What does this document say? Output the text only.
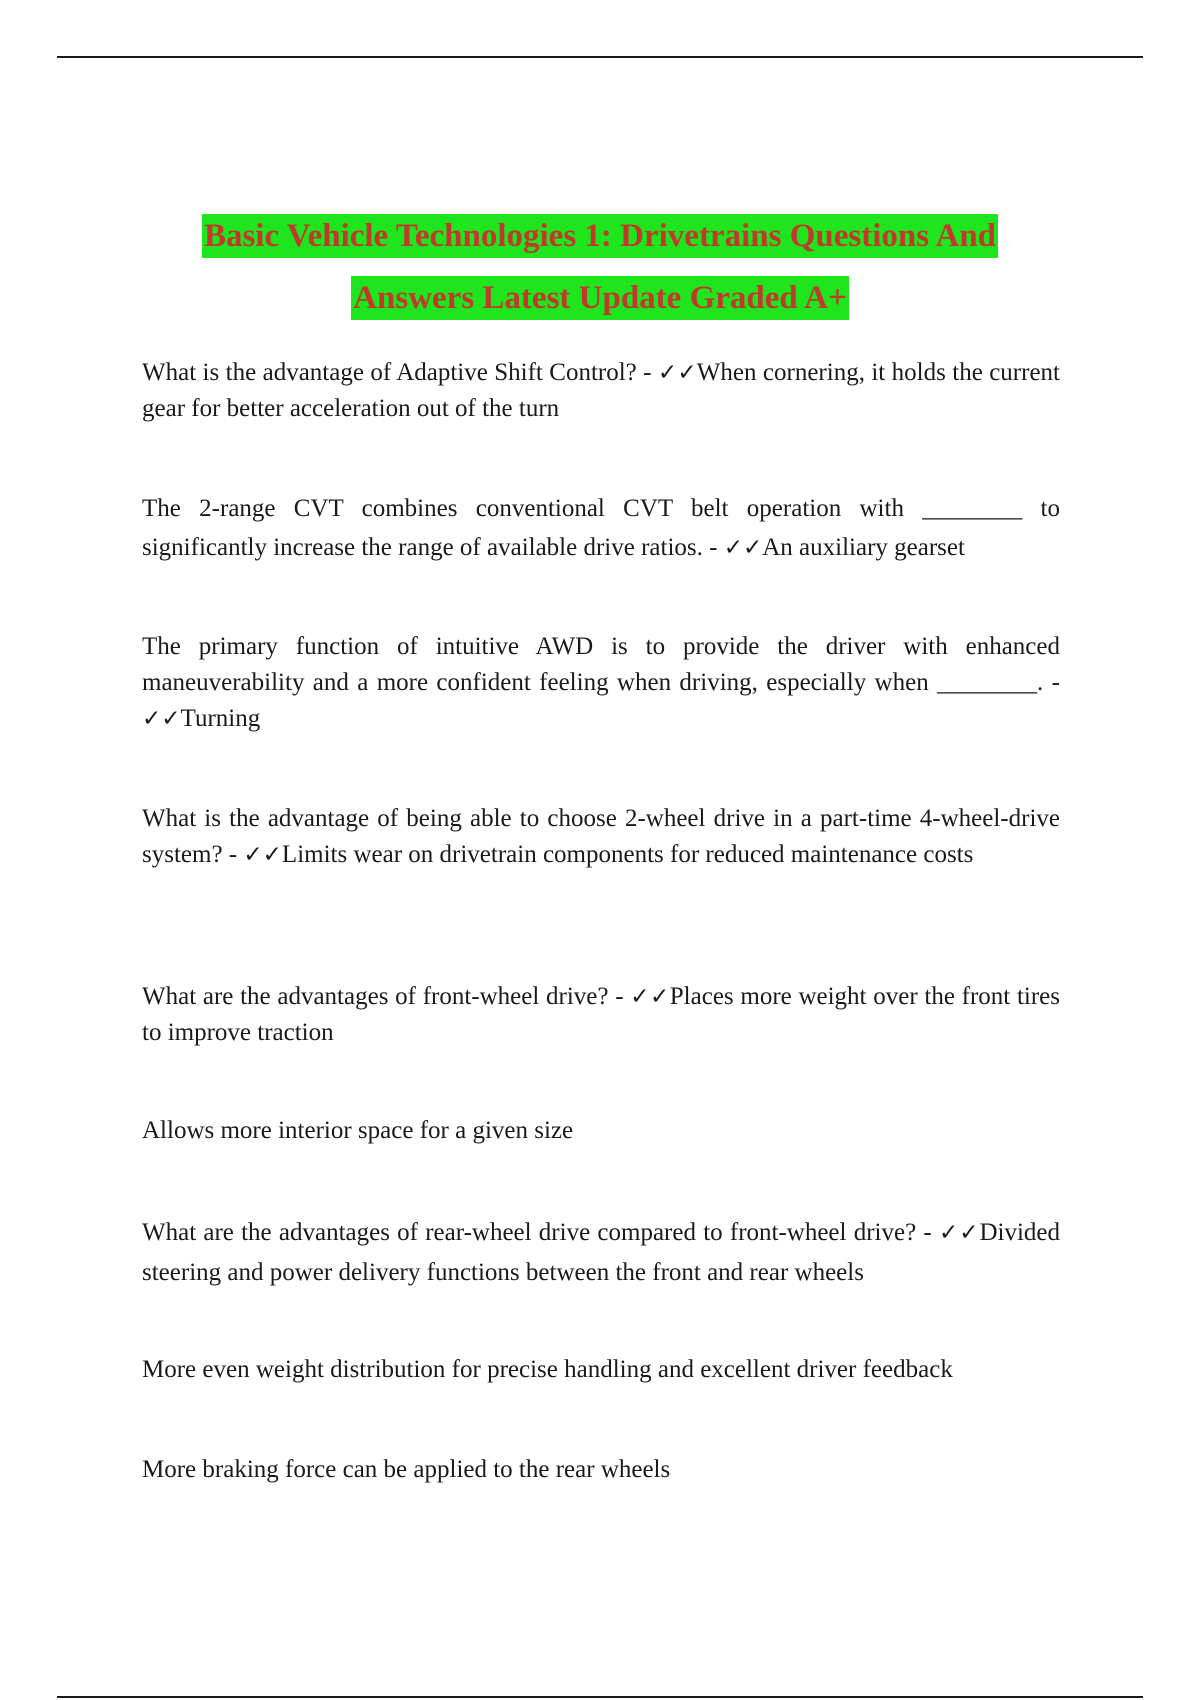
Basic Vehicle Technologies 1: Drivetrains Questions And
Answers Latest Update Graded A+

What is the advantage of Adaptive Shift Control? - ✓✓When cornering, it holds the current gear for better acceleration out of the turn

The 2-range CVT combines conventional CVT belt operation with ________ to significantly increase the range of available drive ratios. - ✓✓An auxiliary gearset

The primary function of intuitive AWD is to provide the driver with enhanced maneuverability and a more confident feeling when driving, especially when ________. - ✓✓Turning

What is the advantage of being able to choose 2-wheel drive in a part-time 4-wheel-drive system? - ✓✓Limits wear on drivetrain components for reduced maintenance costs

What are the advantages of front-wheel drive? - ✓✓Places more weight over the front tires to improve traction

Allows more interior space for a given size

What are the advantages of rear-wheel drive compared to front-wheel drive? - ✓✓Divided steering and power delivery functions between the front and rear wheels

More even weight distribution for precise handling and excellent driver feedback

More braking force can be applied to the rear wheels
